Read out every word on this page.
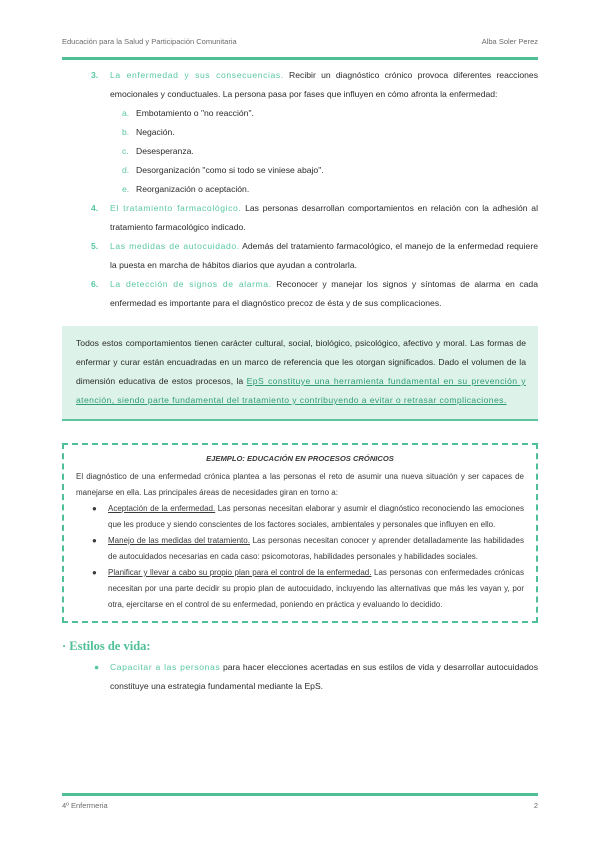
Educación para la Salud y Participación Comunitaria	Alba Soler Perez
3. La enfermedad y sus consecuencias. Recibir un diagnóstico crónico provoca diferentes reacciones emocionales y conductuales. La persona pasa por fases que influyen en cómo afronta la enfermedad:
a. Embotamiento o "no reacción".
b. Negación.
c. Desesperanza.
d. Desorganización "como si todo se viniese abajo".
e. Reorganización o aceptación.
4. El tratamiento farmacológico. Las personas desarrollan comportamientos en relación con la adhesión al tratamiento farmacológico indicado.
5. Las medidas de autocuidado. Además del tratamiento farmacológico, el manejo de la enfermedad requiere la puesta en marcha de hábitos diarios que ayudan a controlarla.
6. La detección de signos de alarma. Reconocer y manejar los signos y síntomas de alarma en cada enfermedad es importante para el diagnóstico precoz de ésta y de sus complicaciones.
Todos estos comportamientos tienen carácter cultural, social, biológico, psicológico, afectivo y moral. Las formas de enfermar y curar están encuadradas en un marco de referencia que les otorgan significados. Dado el volumen de la dimensión educativa de estos procesos, la EpS constituye una herramienta fundamental en su prevención y atención, siendo parte fundamental del tratamiento y contribuyendo a evitar o retrasar complicaciones.
EJEMPLO: EDUCACIÓN EN PROCESOS CRÓNICOS

El diagnóstico de una enfermedad crónica plantea a las personas el reto de asumir una nueva situación y ser capaces de manejarse en ella. Las principales áreas de necesidades giran en torno a:

● Aceptación de la enfermedad. Las personas necesitan elaborar y asumir el diagnóstico reconociendo las emociones que les produce y siendo conscientes de los factores sociales, ambientales y personales que influyen en ello.
● Manejo de las medidas del tratamiento. Las personas necesitan conocer y aprender detalladamente las habilidades de autocuidados necesarias en cada caso: psicomotoras, habilidades personales y habilidades sociales.
● Planificar y llevar a cabo su propio plan para el control de la enfermedad. Las personas con enfermedades crónicas necesitan por una parte decidir su propio plan de autocuidado, incluyendo las alternativas que más les vayan y, por otra, ejercitarse en el control de su enfermedad, poniendo en práctica y evaluando lo decidido.
· Estilos de vida:
● Capacitar a las personas para hacer elecciones acertadas en sus estilos de vida y desarrollar autocuidados constituye una estrategia fundamental mediante la EpS.
4º Enfermeria	2
